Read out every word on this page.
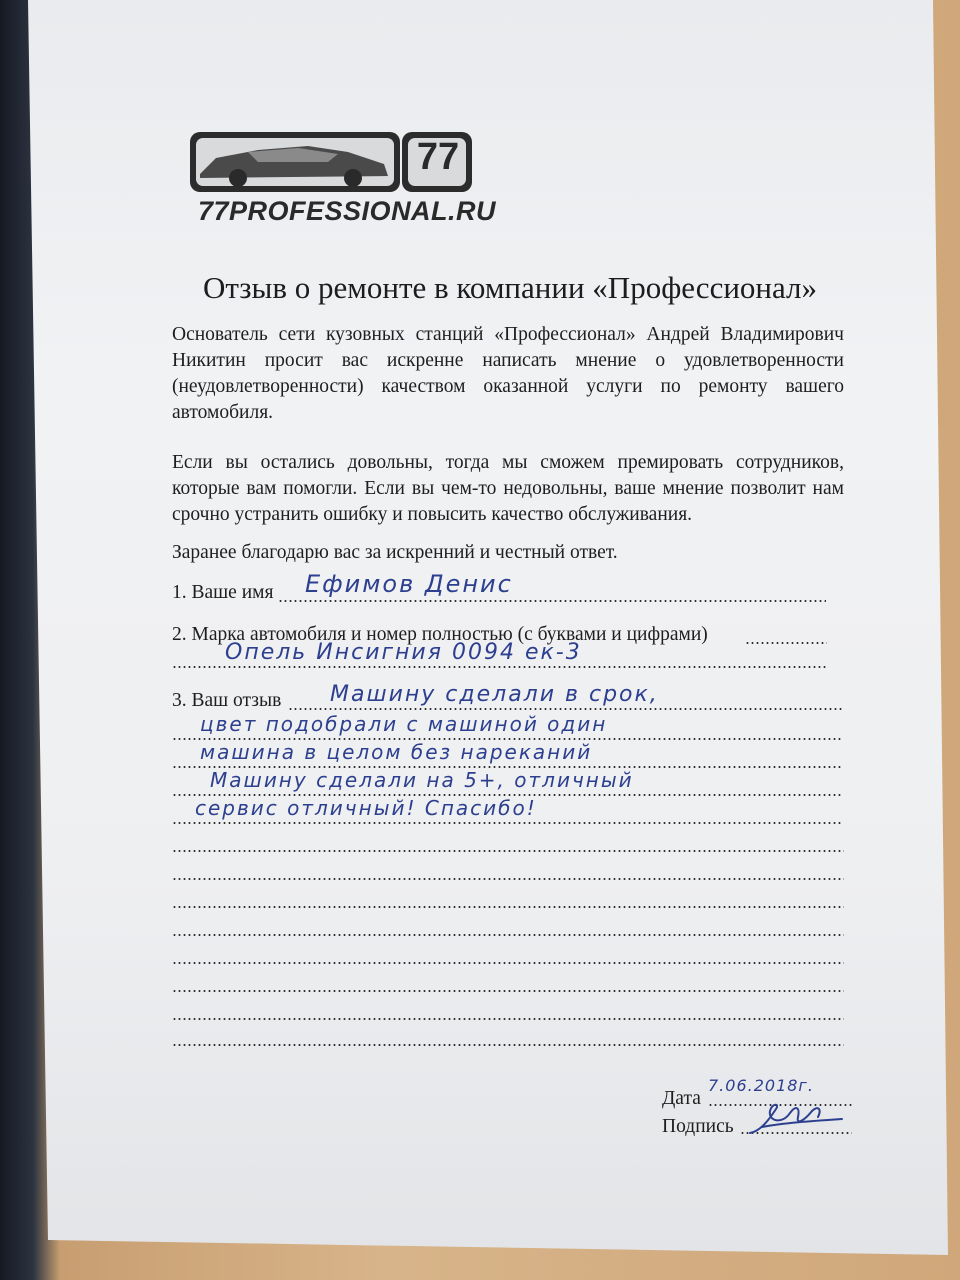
77
77PROFESSIONAL.RU
Отзыв о ремонте в компании «Профессионал»
Основатель сети кузовных станций «Профессионал» Андрей Владимирович Никитин просит вас искренне написать мнение о удовлетворенности (неудовлетворенности) качеством оказанной услуги по ремонту вашего автомобиля.
Если вы остались довольны, тогда мы сможем премировать сотрудников, которые вам помогли. Если вы чем-то недовольны, ваше мнение позволит нам срочно устранить ошибку и повысить качество обслуживания.
Заранее благодарю вас за искренний и честный ответ.
1. Ваше имя Ефимов Денис
2. Марка автомобиля и номер полностью (с буквами и цифрами)
Опель Инсигния 0094 ек-3
3. Ваш отзыв Машину сделали в срок,
цвет подобрали с машиной один
машина в целом без нареканий
Машину сделали на 5+, отличный
сервис отличный! Спасибо!
Дата
7.06.2018г.
Подпись
